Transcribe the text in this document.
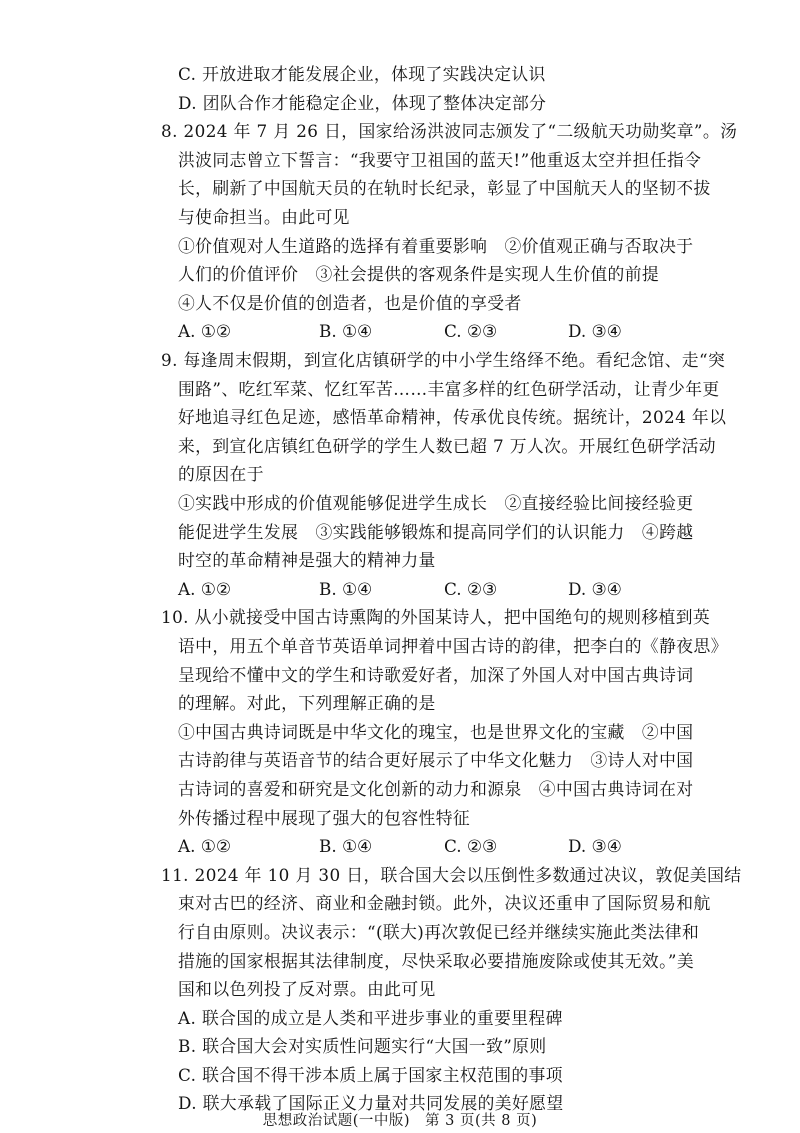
C. 开放进取才能发展企业，体现了实践决定认识
D. 团队合作才能稳定企业，体现了整体决定部分
8. 2024 年 7 月 26 日，国家给汤洪波同志颁发了“二级航天功勋奖章”。汤
洪波同志曾立下誓言：“我要守卫祖国的蓝天!”他重返太空并担任指令
长，刷新了中国航天员的在轨时长纪录，彰显了中国航天人的坚韧不拔
与使命担当。由此可见
①价值观对人生道路的选择有着重要影响　②价值观正确与否取决于
人们的价值评价　③社会提供的客观条件是实现人生价值的前提
④人不仅是价值的创造者，也是价值的享受者
A. ①②	B. ①④	C. ②③	D. ③④
9. 每逢周末假期，到宣化店镇研学的中小学生络绎不绝。看纪念馆、走“突
围路”、吃红军菜、忆红军苦……丰富多样的红色研学活动，让青少年更
好地追寻红色足迹，感悟革命精神，传承优良传统。据统计，2024 年以
来，到宣化店镇红色研学的学生人数已超 7 万人次。开展红色研学活动
的原因在于
①实践中形成的价值观能够促进学生成长　②直接经验比间接经验更
能促进学生发展　③实践能够锻炼和提高同学们的认识能力　④跨越
时空的革命精神是强大的精神力量
A. ①②	B. ①④	C. ②③	D. ③④
10. 从小就接受中国古诗熏陶的外国某诗人，把中国绝句的规则移植到英
语中，用五个单音节英语单词押着中国古诗的韵律，把李白的《静夜思》
呈现给不懂中文的学生和诗歌爱好者，加深了外国人对中国古典诗词
的理解。对此，下列理解正确的是
①中国古典诗词既是中华文化的瑰宝，也是世界文化的宝藏　②中国
古诗韵律与英语音节的结合更好展示了中华文化魅力　③诗人对中国
古诗词的喜爱和研究是文化创新的动力和源泉　④中国古典诗词在对
外传播过程中展现了强大的包容性特征
A. ①②	B. ①④	C. ②③	D. ③④
11. 2024 年 10 月 30 日，联合国大会以压倒性多数通过决议，敦促美国结
束对古巴的经济、商业和金融封锁。此外，决议还重申了国际贸易和航
行自由原则。决议表示：“(联大)再次敦促已经并继续实施此类法律和
措施的国家根据其法律制度，尽快采取必要措施废除或使其无效。”美
国和以色列投了反对票。由此可见
A. 联合国的成立是人类和平进步事业的重要里程碑
B. 联合国大会对实质性问题实行“大国一致”原则
C. 联合国不得干涉本质上属于国家主权范围的事项
D. 联大承载了国际正义力量对共同发展的美好愿望
思想政治试题(一中版)　第 3 页(共 8 页)
